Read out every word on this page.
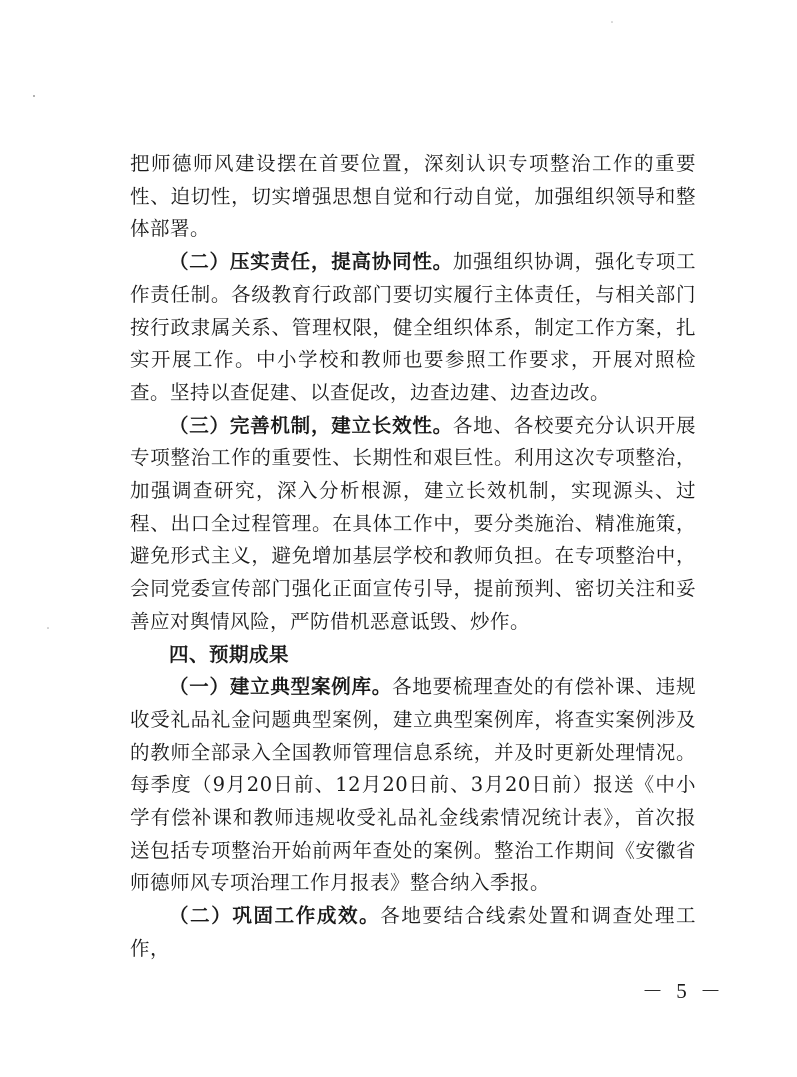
把师德师风建设摆在首要位置，深刻认识专项整治工作的重要性、迫切性，切实增强思想自觉和行动自觉，加强组织领导和整体部署。

（二）压实责任，提高协同性。加强组织协调，强化专项工作责任制。各级教育行政部门要切实履行主体责任，与相关部门按行政隶属关系、管理权限，健全组织体系，制定工作方案，扎实开展工作。中小学校和教师也要参照工作要求，开展对照检查。坚持以查促建、以查促改，边查边建、边查边改。

（三）完善机制，建立长效性。各地、各校要充分认识开展专项整治工作的重要性、长期性和艰巨性。利用这次专项整治，加强调查研究，深入分析根源，建立长效机制，实现源头、过程、出口全过程管理。在具体工作中，要分类施治、精准施策，避免形式主义，避免增加基层学校和教师负担。在专项整治中，会同党委宣传部门强化正面宣传引导，提前预判、密切关注和妥善应对舆情风险，严防借机恶意诋毁、炒作。

四、预期成果

（一）建立典型案例库。各地要梳理查处的有偿补课、违规收受礼品礼金问题典型案例，建立典型案例库，将查实案例涉及的教师全部录入全国教师管理信息系统，并及时更新处理情况。每季度（9月20日前、12月20日前、3月20日前）报送《中小学有偿补课和教师违规收受礼品礼金线索情况统计表》，首次报送包括专项整治开始前两年查处的案例。整治工作期间《安徽省师德师风专项治理工作月报表》整合纳入季报。

（二）巩固工作成效。各地要结合线索处置和调查处理工作，

－ 5 －
